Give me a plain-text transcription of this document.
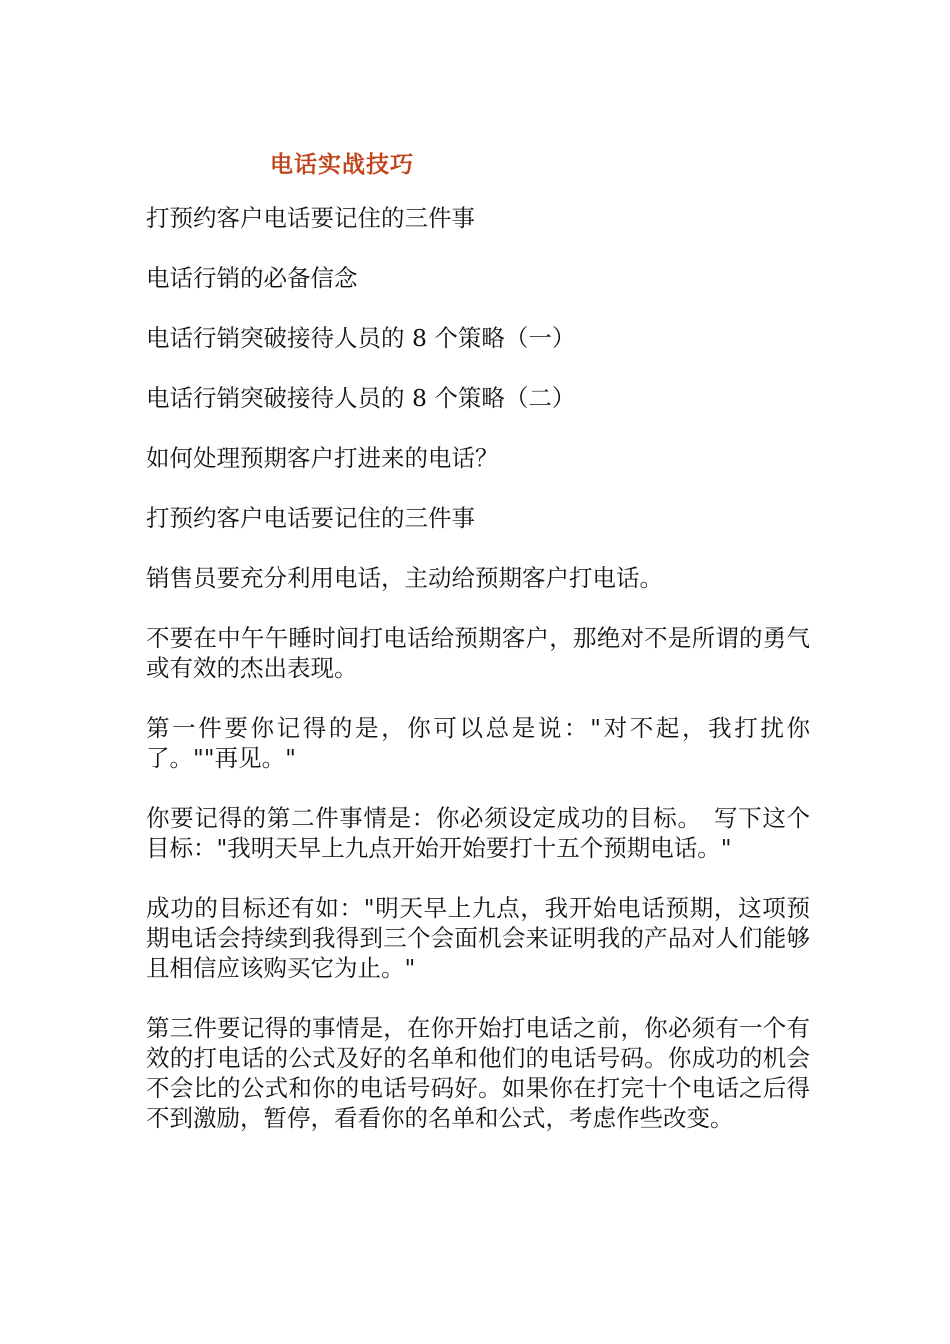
电话实战技巧

打预约客户电话要记住的三件事

电话行销的必备信念

电话行销突破接待人员的 8 个策略（一）

电话行销突破接待人员的 8 个策略（二）

如何处理预期客户打进来的电话？

打预约客户电话要记住的三件事

销售员要充分利用电话，主动给预期客户打电话。

不要在中午午睡时间打电话给预期客户，那绝对不是所谓的勇气或有效的杰出表现。

第一件要你记得的是，你可以总是说："对不起，我打扰你了。""再见。"

你要记得的第二件事情是：你必须设定成功的目标。　写下这个目标："我明天早上九点开始开始要打十五个预期电话。"

成功的目标还有如："明天早上九点，我开始电话预期，这项预期电话会持续到我得到三个会面机会来证明我的产品对人们能够且相信应该购买它为止。"

第三件要记得的事情是，在你开始打电话之前，你必须有一个有效的打电话的公式及好的名单和他们的电话号码。你成功的机会不会比的公式和你的电话号码好。如果你在打完十个电话之后得不到激励，暂停，看看你的名单和公式，考虑作些改变。
